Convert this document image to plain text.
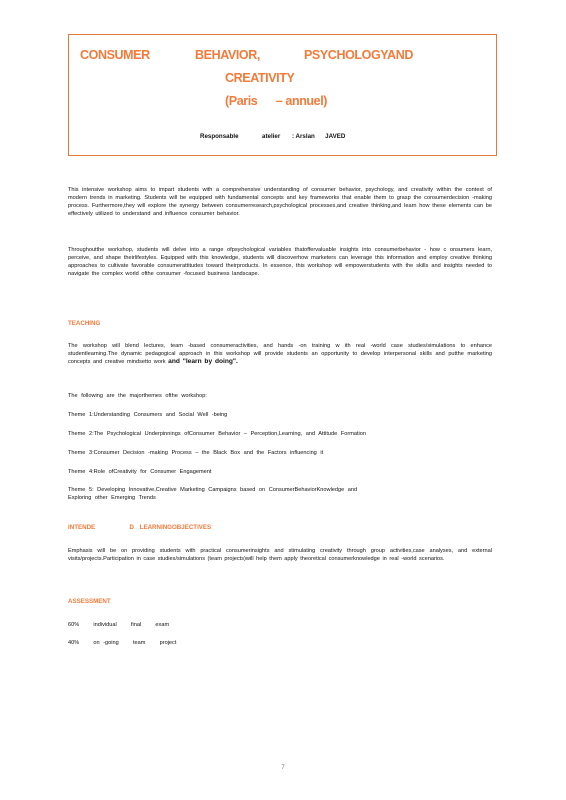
CONSUMER	BEHAVIOR,	PSYCHOLOGYAND
CREATIVITY
(Paris      – annuel)
Responsable	atelier : Arslan      JAVED
This intensive workshop aims to impart students with a comprehensive understanding of consumer behavior, psychology, and creativity within the context of modern trends in marketing. Students will be equipped with fundamental concepts and key frameworks that enable them to grasp the consumerdecision -making process. Furthermore,they will explore the synergy between consumerresearch,psychological processes,and creative thinking,and learn how these elements can be effectively utilized to understand and influence consumer behavior.
Throughoutthe workshop, students will delve into a range ofpsychological variables thatoffervaluable insights into consumerbehavior - how c onsumers learn, perceive, and shape theirlifestyles. Equipped with this knowledge, students will discoverhow marketers can leverage this information and employ creative thinking approaches to cultivate favorable consumerattitudes toward theirproducts. In essence, this workshop will empowerstudents with the skills and insights needed to navigate the complex world ofthe consumer -focused business landscape.
TEACHING
The workshop will blend lectures, team -based consumeractivities, and hands -on training w ith real -world case studies/simulations to enhance studentlearning.The dynamic pedagogical approach in this workshop will provide students an opportunity to develop interpersonal skills and putthe marketing concepts and creative mindsetto work and "learn by doing".
The following are the majorthemes ofthe workshop:
Theme 1:Understanding Consumers and Social Well -being
Theme 2:The Psychological Underpinnings ofConsumer Behavior – Perception,Learning, and Attitude Formation
Theme 3:Consumer Decision -making Process – the Black Box and the Factors influencing it
Theme 4:Role ofCreativity for Consumer Engagement
Theme 5: Developing Innovative,Creative Marketing Campaigns based on ConsumerBehaviorKnowledge and
Exploring other Emerging Trends
INTENDE      D LEARNINGOBJECTIVES
Emphasis will be on providing students with practical consumerinsights and stimulating creativity through group activities,case analyses, and external visits/projects.Participation in case studies/simulations (team projects)will help them apply theoretical consumerknowledge in real -world scenarios.
ASSESSMENT
60%    individual    final    exam
40%    on -going    team    project
7
